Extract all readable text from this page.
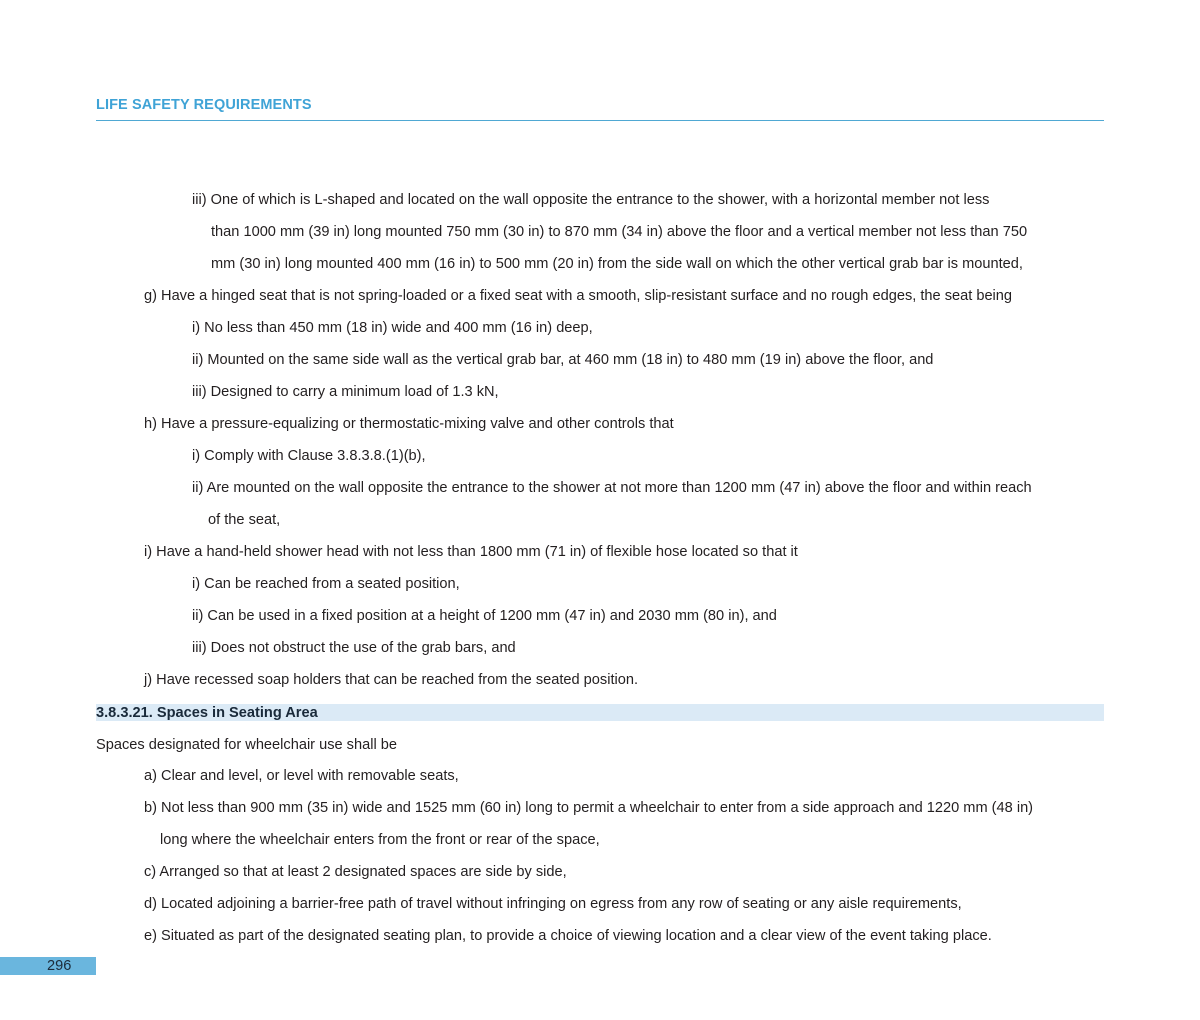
LIFE SAFETY REQUIREMENTS
iii) One of which is L-shaped and located on the wall opposite the entrance to the shower, with a horizontal member not less
than 1000 mm (39 in) long mounted 750 mm (30 in) to 870 mm (34 in) above the floor and a vertical member not less than 750
mm (30 in) long mounted 400 mm (16 in) to 500 mm (20 in) from the side wall on which the other vertical grab bar is mounted,
g) Have a hinged seat that is not spring-loaded or a fixed seat with a smooth, slip-resistant surface and no rough edges, the seat being
i) No less than 450 mm (18 in) wide and 400 mm (16 in) deep,
ii) Mounted on the same side wall as the vertical grab bar, at 460 mm (18 in) to 480 mm (19 in) above the floor, and
iii) Designed to carry a minimum load of 1.3 kN,
h) Have a pressure-equalizing or thermostatic-mixing valve and other controls that
i) Comply with Clause 3.8.3.8.(1)(b),
ii) Are mounted on the wall opposite the entrance to the shower at not more than 1200 mm (47 in) above the floor and within reach
of the seat,
i) Have a hand-held shower head with not less than 1800 mm (71 in) of flexible hose located so that it
i) Can be reached from a seated position,
ii) Can be used in a fixed position at a height of 1200 mm (47 in) and 2030 mm (80 in), and
iii) Does not obstruct the use of the grab bars, and
j) Have recessed soap holders that can be reached from the seated position.
3.8.3.21. Spaces in Seating Area
Spaces designated for wheelchair use shall be
a) Clear and level, or level with removable seats,
b) Not less than 900 mm (35 in) wide and 1525 mm (60 in) long to permit a wheelchair to enter from a side approach and 1220 mm (48 in)
long where the wheelchair enters from the front or rear of the space,
c) Arranged so that at least 2 designated spaces are side by side,
d) Located adjoining a barrier-free path of travel without infringing on egress from any row of seating or any aisle requirements,
e) Situated as part of the designated seating plan, to provide a choice of viewing location and a clear view of the event taking place.
296
